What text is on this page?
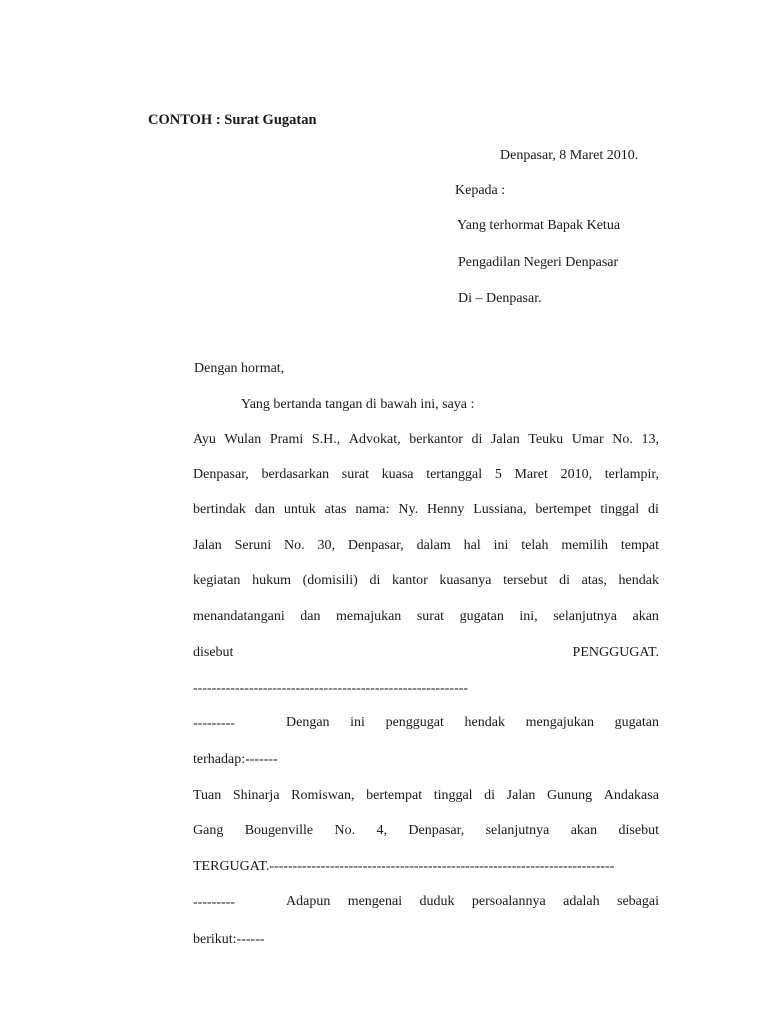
CONTOH : Surat Gugatan
Denpasar, 8 Maret 2010.
Kepada :
Yang terhormat Bapak Ketua
Pengadilan Negeri Denpasar
Di – Denpasar.
Dengan hormat,
Yang bertanda tangan di bawah ini, saya :
Ayu Wulan Prami S.H., Advokat, berkantor di Jalan Teuku Umar No. 13,
Denpasar, berdasarkan surat kuasa tertanggal 5 Maret 2010, terlampir,
bertindak dan untuk atas nama: Ny. Henny Lussiana, bertempet tinggal di
Jalan Seruni No. 30, Denpasar, dalam hal ini telah memilih tempat
kegiatan hukum (domisili) di kantor kuasanya tersebut di atas, hendak
menandatangani dan memajukan surat gugatan ini, selanjutnya akan
disebut	PENGGUGAT.
-----------------------------------------------------------
---------	Dengan ini penggugat hendak mengajukan gugatan
terhadap:-------
Tuan Shinarja Romiswan, bertempat tinggal di Jalan Gunung Andakasa
Gang Bougenville No. 4, Denpasar, selanjutnya akan disebut
TERGUGAT.--------------------------------------------------------------------------
---------	Adapun mengenai duduk persoalannya adalah sebagai
berikut:------
